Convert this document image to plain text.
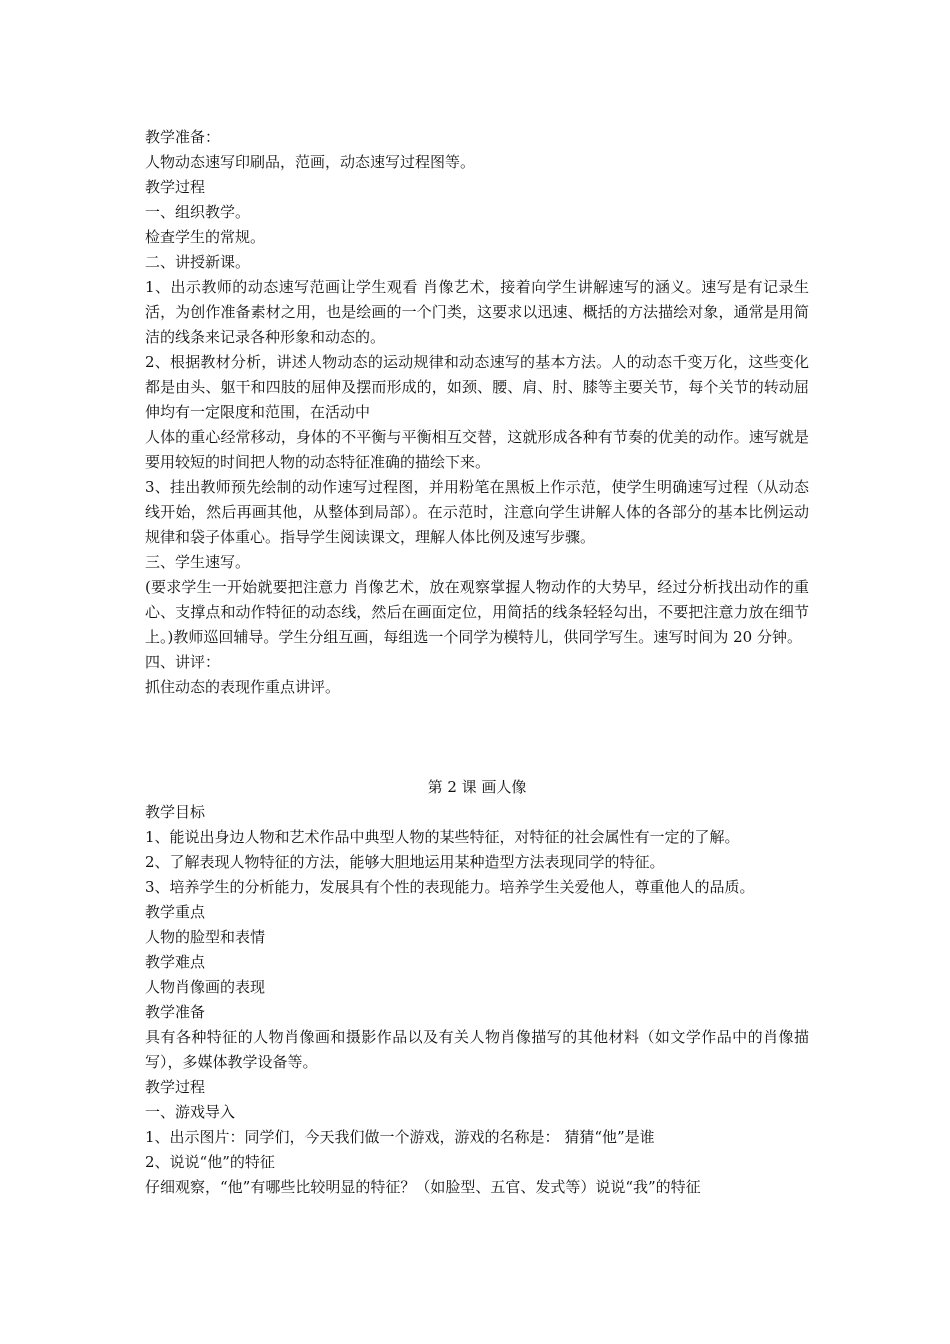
教学准备：

人物动态速写印刷品，范画，动态速写过程图等。

教学过程

一、组织教学。

检查学生的常规。

二、讲授新课。

1、出示教师的动态速写范画让学生观看 肖像艺术，接着向学生讲解速写的涵义。速写是有记录生活，为创作准备素材之用，也是绘画的一个门类，这要求以迅速、概括的方法描绘对象，通常是用简洁的线条来记录各种形象和动态的。

2、根据教材分析，讲述人物动态的运动规律和动态速写的基本方法。人的动态千变万化，这些变化都是由头、躯干和四肢的屈伸及摆而形成的，如颈、腰、肩、肘、膝等主要关节，每个关节的转动屈伸均有一定限度和范围，在活动中

人体的重心经常移动，身体的不平衡与平衡相互交替，这就形成各种有节奏的优美的动作。速写就是要用较短的时间把人物的动态特征准确的描绘下来。

3、挂出教师预先绘制的动作速写过程图，并用粉笔在黑板上作示范，使学生明确速写过程（从动态线开始，然后再画其他，从整体到局部）。在示范时，注意向学生讲解人体的各部分的基本比例运动规律和袋子体重心。指导学生阅读课文，理解人体比例及速写步骤。

三、学生速写。

(要求学生一开始就要把注意力 肖像艺术，放在观察掌握人物动作的大势早，经过分析找出动作的重心、支撑点和动作特征的动态线，然后在画面定位，用简括的线条轻轻勾出，不要把注意力放在细节上。)教师巡回辅导。学生分组互画，每组选一个同学为模特儿，供同学写生。速写时间为 20 分钟。

四、讲评：

抓住动态的表现作重点讲评。

第 2 课 画人像

教学目标

1、能说出身边人物和艺术作品中典型人物的某些特征，对特征的社会属性有一定的了解。

2、了解表现人物特征的方法，能够大胆地运用某种造型方法表现同学的特征。

3、培养学生的分析能力，发展具有个性的表现能力。培养学生关爱他人，尊重他人的品质。

教学重点

人物的脸型和表情

教学难点

人物肖像画的表现

教学准备

具有各种特征的人物肖像画和摄影作品以及有关人物肖像描写的其他材料（如文学作品中的肖像描写），多媒体教学设备等。

教学过程

一、游戏导入

1、出示图片：同学们，今天我们做一个游戏，游戏的名称是： 猜猜“他”是谁

2、说说“他”的特征

仔细观察，“他”有哪些比较明显的特征？（如脸型、五官、发式等）说说“我”的特征
